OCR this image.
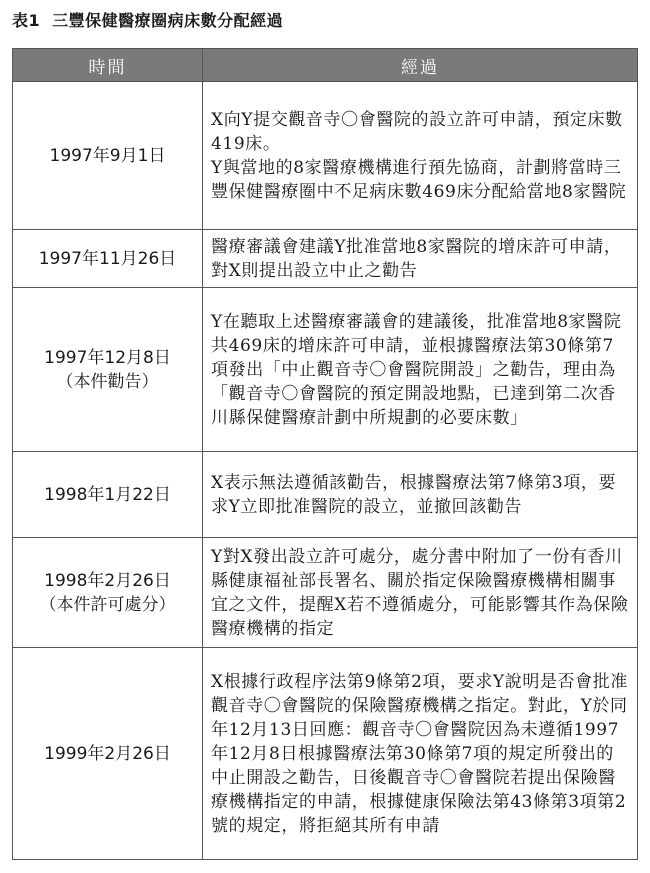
表1 三豐保健醫療圈病床數分配經過
時間	經過
1997年9月1日	X向Y提交觀音寺〇會醫院的設立許可申請，預定床數419床。

Y與當地的8家醫療機構進行預先協商，計劃將當時三豐保健醫療圈中不足病床數469床分配給當地8家醫院

1997年11月26日	醫療審議會建議Y批准當地8家醫院的增床許可申請，對X則提出設立中止之勸告

1997年12月8日
（本件勸告）	Y在聽取上述醫療審議會的建議後，批准當地8家醫院共469床的增床許可申請，並根據醫療法第30條第7項發出「中止觀音寺〇會醫院開設」之勸告，理由為「觀音寺〇會醫院的預定開設地點，已達到第二次香川縣保健醫療計劃中所規劃的必要床數」

1998年1月22日	X表示無法遵循該勸告，根據醫療法第7條第3項，要求Y立即批准醫院的設立，並撤回該勸告

1998年2月26日
（本件許可處分）	Y對X發出設立許可處分，處分書中附加了一份有香川縣健康福祉部長署名、關於指定保險醫療機構相關事宜之文件，提醒X若不遵循處分，可能影響其作為保險醫療機構的指定

1999年2月26日	X根據行政程序法第9條第2項，要求Y說明是否會批准觀音寺〇會醫院的保險醫療機構之指定。對此，Y於同年12月13日回應：觀音寺〇會醫院因為未遵循1997年12月8日根據醫療法第30條第7項的規定所發出的中止開設之勸告，日後觀音寺〇會醫院若提出保險醫療機構指定的申請，根據健康保險法第43條第3項第2號的規定，將拒絕其所有申請
